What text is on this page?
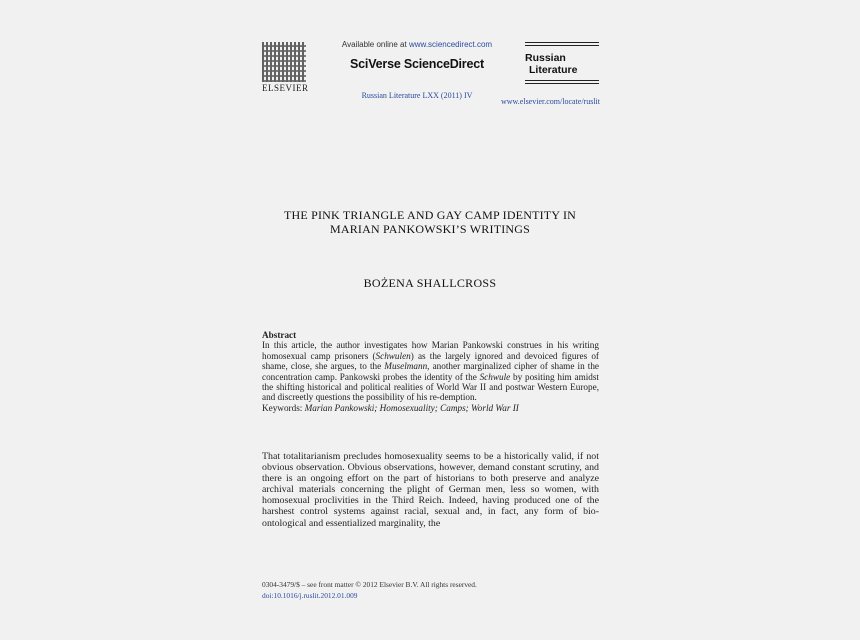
ELSEVIER
Available online at www.sciencedirect.com
SciVerse ScienceDirect
Russian Literature LXX (2011) IV
Russian
Literature
www.elsevier.com/locate/ruslit
THE PINK TRIANGLE AND GAY CAMP IDENTITY IN
MARIAN PANKOWSKI’S WRITINGS
BOŻENA SHALLCROSS
Abstract
In this article, the author investigates how Marian Pankowski construes in his writing homosexual camp prisoners (Schwulen) as the largely ignored and devoiced figures of shame, close, she argues, to the Muselmann, another marginalized cipher of shame in the concentration camp. Pankowski probes the identity of the Schwule by positing him amidst the shifting historical and political realities of World War II and postwar Western Europe, and discreetly questions the possibility of his re-demption.
Keywords: Marian Pankowski; Homosexuality; Camps; World War II
That totalitarianism precludes homosexuality seems to be a historically valid, if not obvious observation. Obvious observations, however, demand constant scrutiny, and there is an ongoing effort on the part of historians to both preserve and analyze archival materials concerning the plight of German men, less so women, with homosexual proclivities in the Third Reich. Indeed, having produced one of the harshest control systems against racial, sexual and, in fact, any form of bio-ontological and essentialized marginality, the
0304-3479/$ – see front matter © 2012 Elsevier B.V. All rights reserved.
doi:10.1016/j.ruslit.2012.01.009
